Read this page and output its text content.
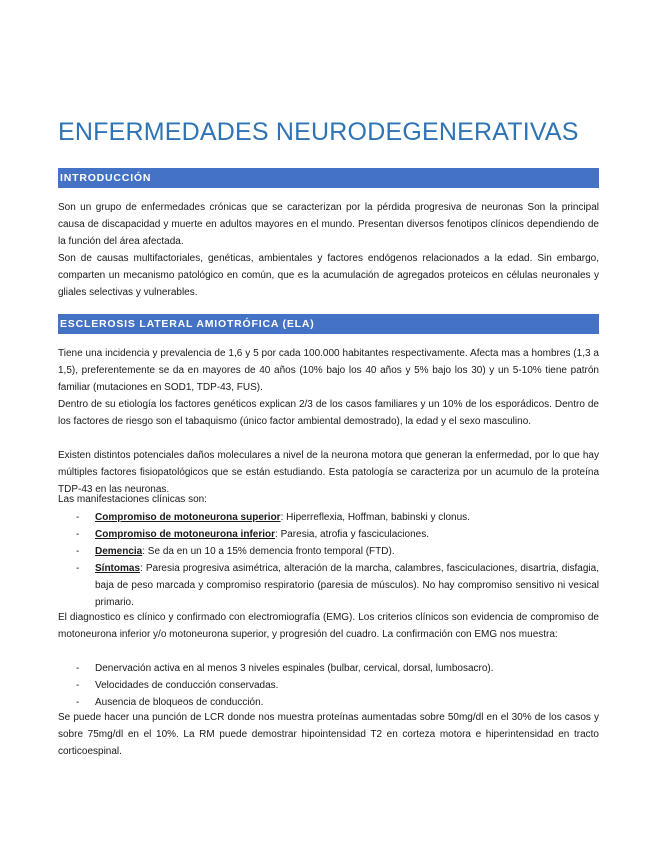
ENFERMEDADES NEURODEGENERATIVAS
INTRODUCCIÓN

Son un grupo de enfermedades crónicas que se caracterizan por la pérdida progresiva de neuronas Son la principal causa de discapacidad y muerte en adultos mayores en el mundo. Presentan diversos fenotipos clínicos dependiendo de la función del área afectada.

Son de causas multifactoriales, genéticas, ambientales y factores endógenos relacionados a la edad. Sin embargo, comparten un mecanismo patológico en común, que es la acumulación de agregados proteicos en células neuronales y gliales selectivas y vulnerables.

ESCLEROSIS LATERAL AMIOTRÓFICA (ELA)

Tiene una incidencia y prevalencia de 1,6 y 5 por cada 100.000 habitantes respectivamente. Afecta mas a hombres (1,3 a 1,5), preferentemente se da en mayores de 40 años (10% bajo los 40 años y 5% bajo los 30) y un 5-10% tiene patrón familiar (mutaciones en SOD1, TDP-43, FUS).

Dentro de su etiología los factores genéticos explican 2/3 de los casos familiares y un 10% de los esporádicos. Dentro de los factores de riesgo son el tabaquismo (único factor ambiental demostrado), la edad y el sexo masculino.

Existen distintos potenciales daños moleculares a nivel de la neurona motora que generan la enfermedad, por lo que hay múltiples factores fisiopatológicos que se están estudiando. Esta patología se caracteriza por un acumulo de la proteína TDP-43 en las neuronas.

Las manifestaciones clínicas son:

- Compromiso de motoneurona superior: Hiperreflexia, Hoffman, babinski y clonus.
- Compromiso de motoneurona inferior: Paresia, atrofia y fasciculaciones.
- Demencia: Se da en un 10 a 15% demencia fronto temporal (FTD).
- Síntomas: Paresia progresiva asimétrica, alteración de la marcha, calambres, fasciculaciones, disartria, disfagia, baja de peso marcada y compromiso respiratorio (paresia de músculos). No hay compromiso sensitivo ni vesical primario.

El diagnostico es clínico y confirmado con electromiografía (EMG). Los criterios clínicos son evidencia de compromiso de motoneurona inferior y/o motoneurona superior, y progresión del cuadro. La confirmación con EMG nos muestra:

- Denervación activa en al menos 3 niveles espinales (bulbar, cervical, dorsal, lumbosacro).
- Velocidades de conducción conservadas.
- Ausencia de bloqueos de conducción.

Se puede hacer una punción de LCR donde nos muestra proteínas aumentadas sobre 50mg/dl en el 30% de los casos y sobre 75mg/dl en el 10%. La RM puede demostrar hipointensidad T2 en corteza motora e hiperintensidad en tracto corticoespinal.
